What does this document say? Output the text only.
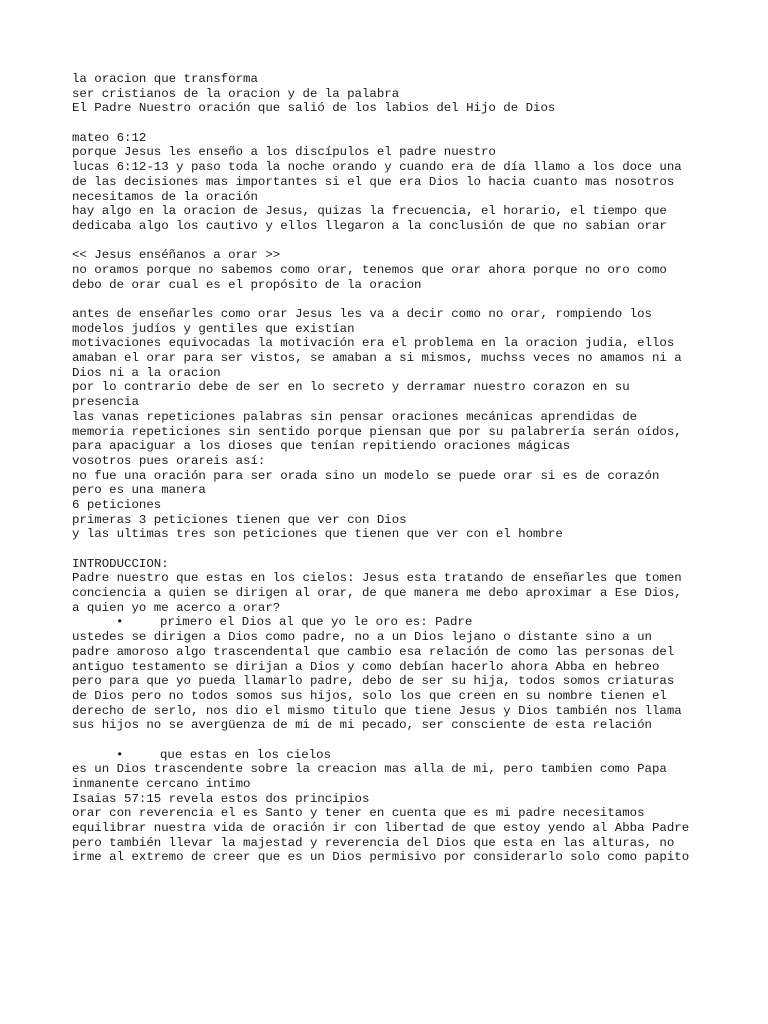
la oracion que transforma
ser cristianos de la oracion y de la palabra
El Padre Nuestro oración que salió de los labios del Hijo de Dios
mateo 6:12
porque Jesus les enseño a los discípulos el padre nuestro
lucas 6:12-13 y paso toda la noche orando y cuando era de día llamo a los doce una
de las decisiones mas importantes si el que era Dios lo hacia cuanto mas nosotros
necesitamos de la oración
hay algo en la oracion de Jesus, quizas la frecuencia, el horario, el tiempo que
dedicaba algo los cautivo y ellos llegaron a la conclusión de que no sabian orar
<< Jesus enséñanos a orar >>
no oramos porque no sabemos como orar, tenemos que orar ahora porque no oro como
debo de orar cual es el propósito de la oracion
antes de enseñarles como orar Jesus les va a decir como no orar, rompiendo los
modelos judíos y gentiles que existían
motivaciones equivocadas la motivación era el problema en la oracion judia, ellos
amaban el orar para ser vistos, se amaban a si mismos, muchss veces no amamos ni a
Dios ni a la oracion
por lo contrario debe de ser en lo secreto y derramar nuestro corazon en su
presencia
las vanas repeticiones palabras sin pensar oraciones mecánicas aprendidas de
memoria repeticiones sin sentido porque piensan que por su palabrería serán oídos,
para apaciguar a los dioses que tenían repitiendo oraciones mágicas
vosotros pues orareis así:
no fue una oración para ser orada sino un modelo se puede orar si es de corazón
pero es una manera
6 peticiones
primeras 3 peticiones tienen que ver con Dios
y las ultimas tres son peticiones que tienen que ver con el hombre
INTRODUCCION:
Padre nuestro que estas en los cielos: Jesus esta tratando de enseñarles que tomen
conciencia a quien se dirigen al orar, de que manera me debo aproximar a Ese Dios,
a quien yo me acerco a orar?
•	primero el Dios al que yo le oro es: Padre
ustedes se dirigen a Dios como padre, no a un Dios lejano o distante sino a un
padre amoroso algo trascendental que cambio esa relación de como las personas del
antiguo testamento se dirijan a Dios y como debían hacerlo ahora Abba en hebreo
pero para que yo pueda llamarlo padre, debo de ser su hija, todos somos criaturas
de Dios pero no todos somos sus hijos, solo los que creen en su nombre tienen el
derecho de serlo, nos dio el mismo titulo que tiene Jesus y Dios también nos llama
sus hijos no se avergüenza de mi de mi pecado, ser consciente de esta relación
•	que estas en los cielos
es un Dios trascendente sobre la creacion mas alla de mi, pero tambien como Papa
inmanente cercano intimo
Isaias 57:15 revela estos dos principios
orar con reverencia el es Santo y tener en cuenta que es mi padre necesitamos
equilibrar nuestra vida de oración ir con libertad de que estoy yendo al Abba Padre
pero también llevar la majestad y reverencia del Dios que esta en las alturas, no
irme al extremo de creer que es un Dios permisivo por considerarlo solo como papito
